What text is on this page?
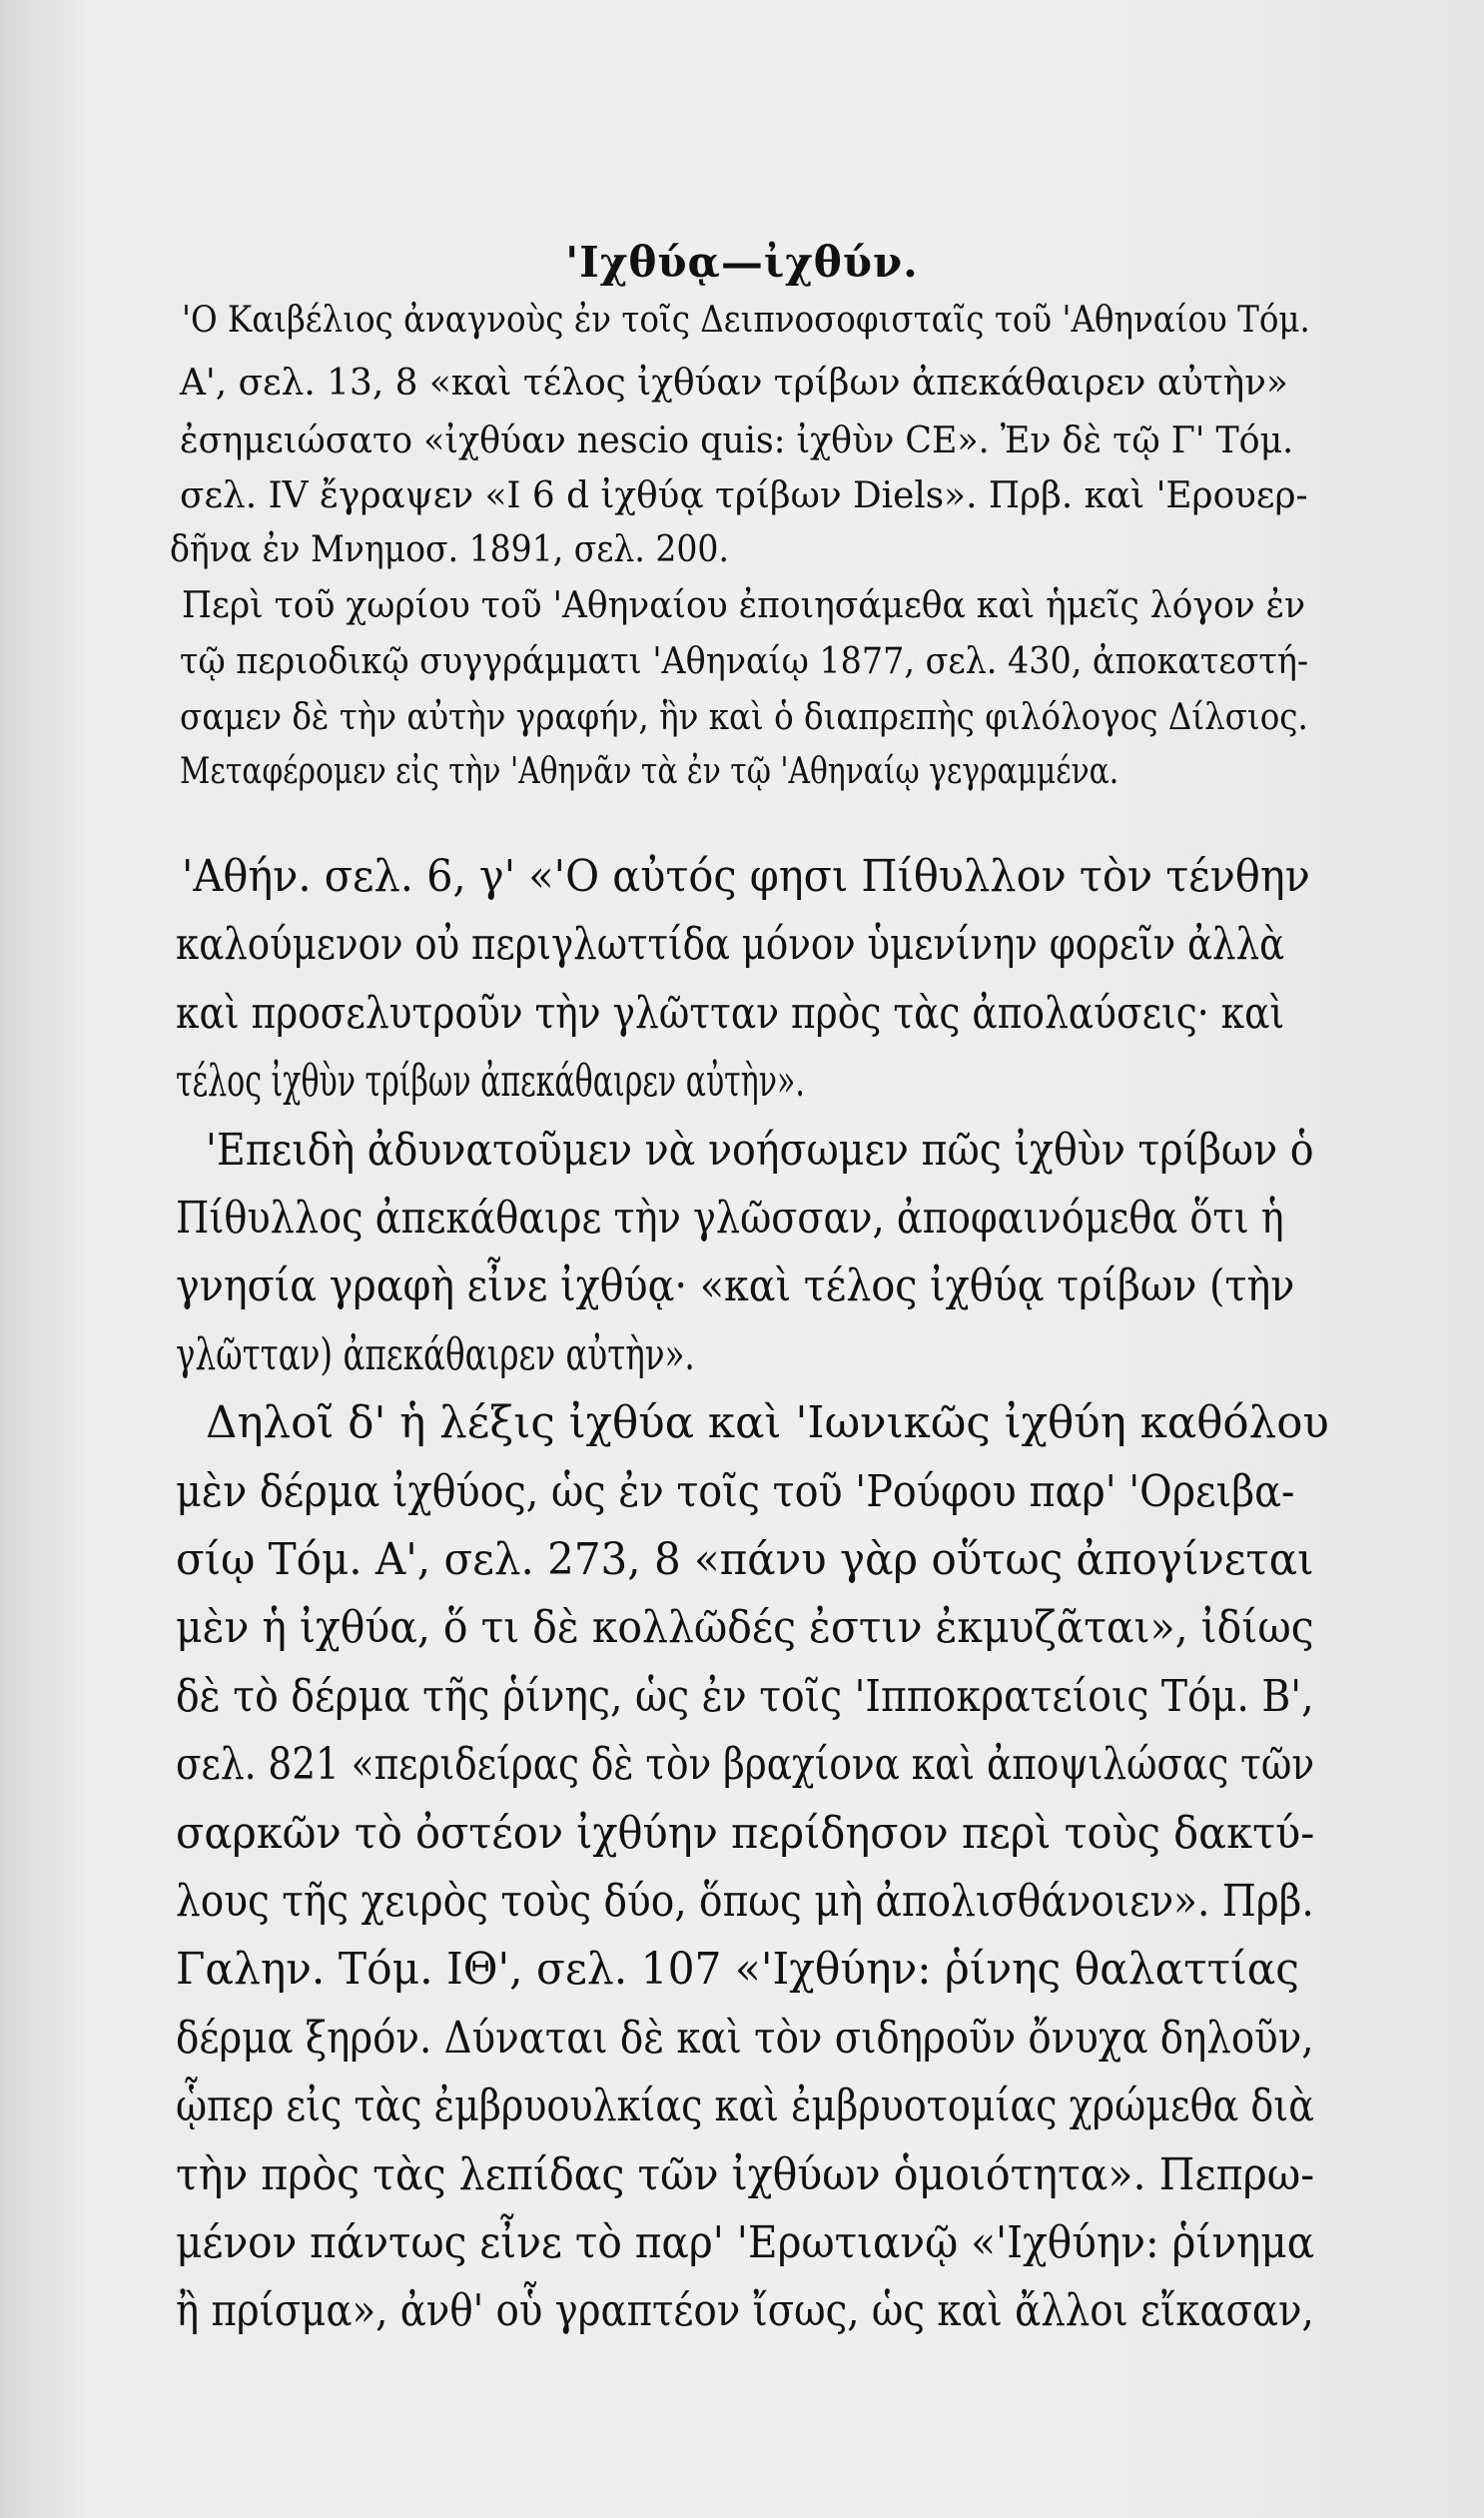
'Ιχθύᾳ—ἰχθύν.
'Ο Καιβέλιος ἀναγνοὺς ἐν τοῖς Δειπνοσοφισταῖς τοῦ 'Αθηναίου Τόμ.
Α', σελ. 13, 8 «καὶ τέλος ἰχθύαν τρίβων ἀπεκάθαιρεν αὐτὴν»
ἐσημειώσατο «ἰχθύαν nescio quis: ἰχθὺν CE». Ἐν δὲ τῷ Γ' Τόμ.
σελ. IV ἔγραψεν «I 6 d ἰχθύᾳ τρίβων Diels». Πρβ. καὶ 'Ερουερ-
δῆνα ἐν Μνημοσ. 1891, σελ. 200.
Περὶ τοῦ χωρίου τοῦ 'Αθηναίου ἐποιησάμεθα καὶ ἡμεῖς λόγον ἐν
τῷ περιοδικῷ συγγράμματι 'Αθηναίῳ 1877, σελ. 430, ἀποκατεστή-
σαμεν δὲ τὴν αὐτὴν γραφήν, ἣν καὶ ὁ διαπρεπὴς φιλόλογος Δίλσιος.
Μεταφέρομεν εἰς τὴν 'Αθηνᾶν τὰ ἐν τῷ 'Αθηναίῳ γεγραμμένα.
'Αθήν. σελ. 6, γ' «'Ο αὐτός φησι Πίθυλλον τὸν τένθην
καλούμενον οὐ περιγλωττίδα μόνον ὑμενίνην φορεῖν ἀλλὰ
καὶ προσελυτροῦν τὴν γλῶτταν πρὸς τὰς ἀπολαύσεις· καὶ
τέλος ἰχθὺν τρίβων ἀπεκάθαιρεν αὐτὴν».
'Επειδὴ ἀδυνατοῦμεν νὰ νοήσωμεν πῶς ἰχθὺν τρίβων ὁ
Πίθυλλος ἀπεκάθαιρε τὴν γλῶσσαν, ἀποφαινόμεθα ὅτι ἡ
γνησία γραφὴ εἶνε ἰχθύᾳ· «καὶ τέλος ἰχθύᾳ τρίβων (τὴν
γλῶτταν) ἀπεκάθαιρεν αὐτὴν».
Δηλοῖ δ' ἡ λέξις ἰχθύα καὶ 'Ιωνικῶς ἰχθύη καθόλου
μὲν δέρμα ἰχθύος, ὡς ἐν τοῖς τοῦ 'Ρούφου παρ' 'Ορειβα-
σίῳ Τόμ. Α', σελ. 273, 8 «πάνυ γὰρ οὕτως ἀπογίνεται
μὲν ἡ ἰχθύα, ὅ τι δὲ κολλῶδές ἐστιν ἐκμυζᾶται», ἰδίως
δὲ τὸ δέρμα τῆς ῥίνης, ὡς ἐν τοῖς 'Ιπποκρατείοις Τόμ. Β',
σελ. 821 «περιδείρας δὲ τὸν βραχίονα καὶ ἀποψιλώσας τῶν
σαρκῶν τὸ ὀστέον ἰχθύην περίδησον περὶ τοὺς δακτύ-
λους τῆς χειρὸς τοὺς δύο, ὅπως μὴ ἀπολισθάνοιεν». Πρβ.
Γαλην. Τόμ. ΙΘ', σελ. 107 «'Ιχθύην: ῥίνης θαλαττίας
δέρμα ξηρόν. Δύναται δὲ καὶ τὸν σιδηροῦν ὄνυχα δηλοῦν,
ᾧπερ εἰς τὰς ἐμβρυουλκίας καὶ ἐμβρυοτομίας χρώμεθα διὰ
τὴν πρὸς τὰς λεπίδας τῶν ἰχθύων ὁμοιότητα». Πεπρω-
μένον πάντως εἶνε τὸ παρ' 'Ερωτιανῷ «'Ιχθύην: ῥίνημα
ἢ πρίσμα», ἀνθ' οὗ γραπτέον ἴσως, ὡς καὶ ἄλλοι εἴκασαν,
